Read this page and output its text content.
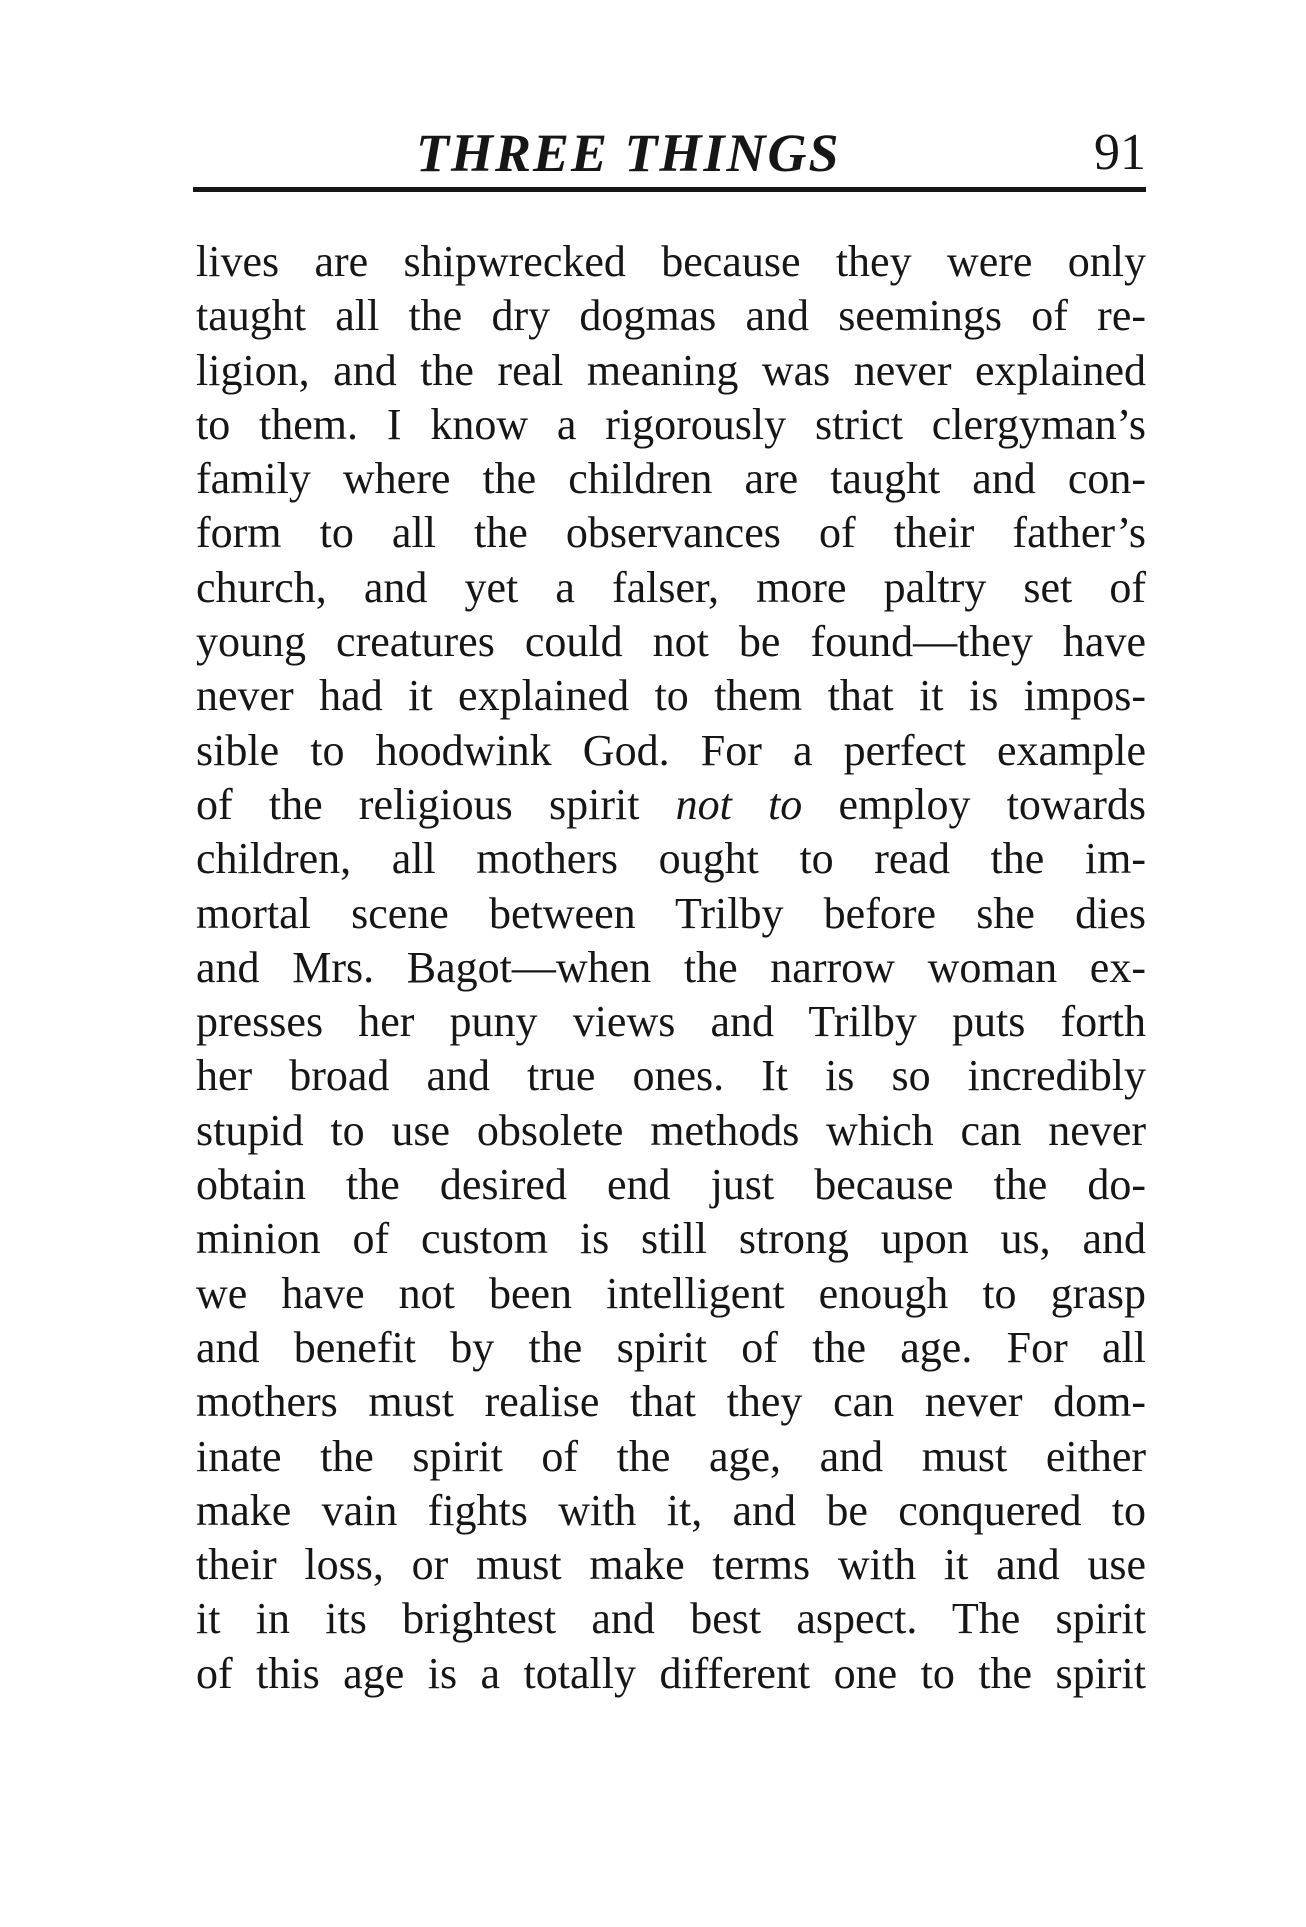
THREE THINGS	91
lives are shipwrecked because they were only
taught all the dry dogmas and seemings of re-
ligion, and the real meaning was never explained
to them. I know a rigorously strict clergyman’s
family where the children are taught and con-
form to all the observances of their father’s
church, and yet a falser, more paltry set of
young creatures could not be found—they have
never had it explained to them that it is impos-
sible to hoodwink God. For a perfect example
of the religious spirit not to employ towards
children, all mothers ought to read the im-
mortal scene between Trilby before she dies
and Mrs. Bagot—when the narrow woman ex-
presses her puny views and Trilby puts forth
her broad and true ones. It is so incredibly
stupid to use obsolete methods which can never
obtain the desired end just because the do-
minion of custom is still strong upon us, and
we have not been intelligent enough to grasp
and benefit by the spirit of the age. For all
mothers must realise that they can never dom-
inate the spirit of the age, and must either
make vain fights with it, and be conquered to
their loss, or must make terms with it and use
it in its brightest and best aspect. The spirit
of this age is a totally different one to the spirit
